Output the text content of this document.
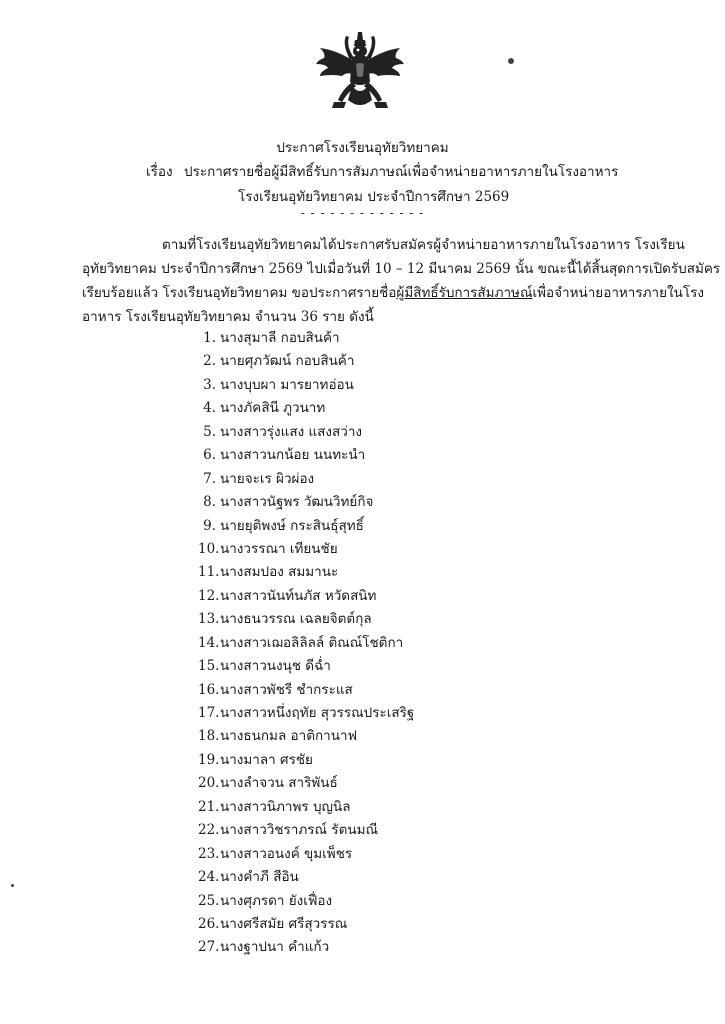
ประกาศโรงเรียนอุทัยวิทยาคม
เรื่อง ประกาศรายชื่อผู้มีสิทธิ์รับการสัมภาษณ์เพื่อจำหน่ายอาหารภายในโรงอาหาร
โรงเรียนอุทัยวิทยาคม ประจำปีการศึกษา 2569
- - - - - - - - - - - - -
ตามที่โรงเรียนอุทัยวิทยาคมได้ประกาศรับสมัครผู้จำหน่ายอาหารภายในโรงอาหาร โรงเรียน
อุทัยวิทยาคม ประจำปีการศึกษา 2569 ไปเมื่อวันที่ 10 – 12 มีนาคม 2569 นั้น ขณะนี้ได้สิ้นสุดการเปิดรับสมัคร
เรียบร้อยแล้ว โรงเรียนอุทัยวิทยาคม ขอประกาศรายชื่อผู้มีสิทธิ์รับการสัมภาษณ์เพื่อจำหน่ายอาหารภายในโรง
อาหาร โรงเรียนอุทัยวิทยาคม จำนวน 36 ราย ดังนี้
1. นางสุมาลี กอบสินค้า
2. นายศุภวัฒน์ กอบสินค้า
3. นางบุบผา มารยาทอ่อน
4. นางภัคสินี ภูวนาท
5. นางสาวรุ่งแสง แสงสว่าง
6. นางสาวนกน้อย นนทะนำ
7. นายจะเร ผิวผ่อง
8. นางสาวนัฐพร วัฒนวิทย์กิจ
9. นายยุติพงษ์ กระสินธุ์สุทธิ์
10.นางวรรณา เทียนชัย
11.นางสมปอง สมมานะ
12.นางสาวนันท์นภัส หวัดสนิท
13.นางธนวรรณ เฉลยจิตต์กุล
14.นางสาวเฌอลิลิลล์ ติณณ์โชติกา
15.นางสาวนงนุช ดีฉ่ำ
16.นางสาวพัชรี ชำกระแส
17.นางสาวหนึ่งฤทัย สุวรรณประเสริฐ
18.นางธนกมล อาติกานาฟ
19.นางมาลา ศรชัย
20.นางลำจวน สาริพันธ์
21.นางสาวนิภาพร บุญนิล
22.นางสาววิชราภรณ์ รัตนมณี
23.นางสาวอนงค์ ขุมเพ็ชร
24.นางคำภี สีอิน
25.นางศุภรดา ยังเฟื่อง
26.นางศรีสมัย ศรีสุวรรณ
27.นางฐาปนา คำแก้ว
